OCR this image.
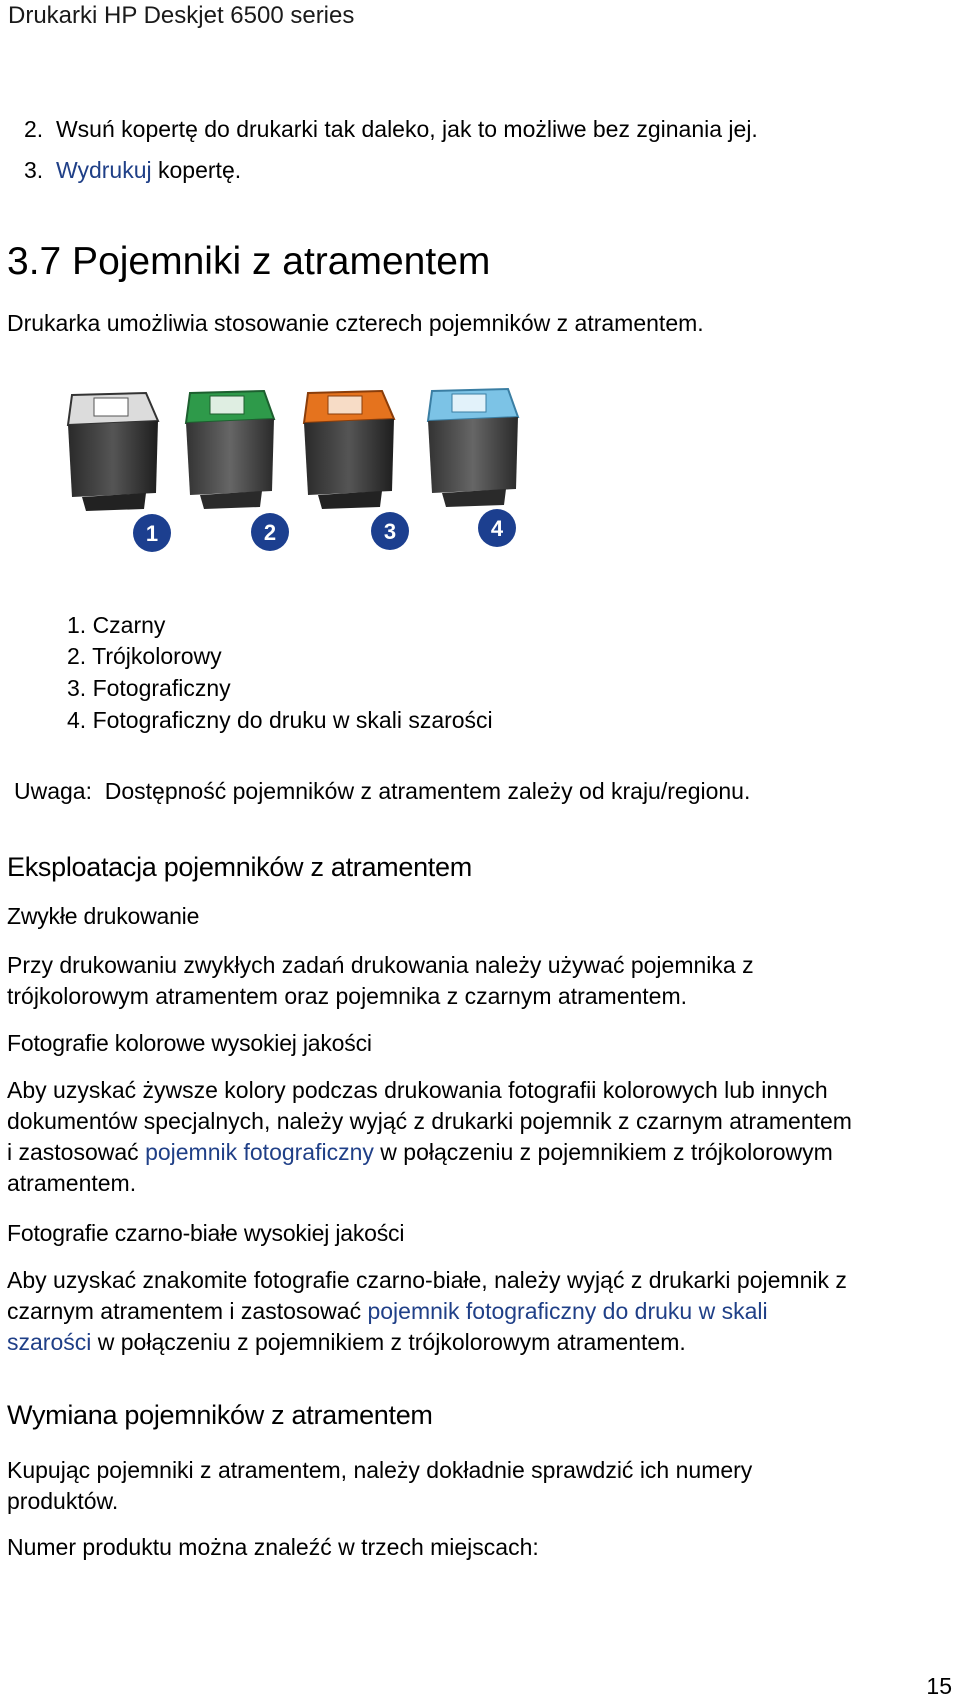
Drukarki HP Deskjet 6500 series
2. Wsuń kopertę do drukarki tak daleko, jak to możliwe bez zginania jej.
3. Wydrukuj kopertę.
3.7 Pojemniki z atramentem
Drukarka umożliwia stosowanie czterech pojemników z atramentem.
1	2	3	4
1. Czarny
2. Trójkolorowy
3. Fotograficzny
4. Fotograficzny do druku w skali szarości
Uwaga: Dostępność pojemników z atramentem zależy od kraju/regionu.
Eksploatacja pojemników z atramentem
Zwykłe drukowanie
Przy drukowaniu zwykłych zadań drukowania należy używać pojemnika z
trójkolorowym atramentem oraz pojemnika z czarnym atramentem.
Fotografie kolorowe wysokiej jakości
Aby uzyskać żywsze kolory podczas drukowania fotografii kolorowych lub innych
dokumentów specjalnych, należy wyjąć z drukarki pojemnik z czarnym atramentem
i zastosować pojemnik fotograficzny w połączeniu z pojemnikiem z trójkolorowym
atramentem.
Fotografie czarno-białe wysokiej jakości
Aby uzyskać znakomite fotografie czarno-białe, należy wyjąć z drukarki pojemnik z
czarnym atramentem i zastosować pojemnik fotograficzny do druku w skali
szarości w połączeniu z pojemnikiem z trójkolorowym atramentem.
Wymiana pojemników z atramentem
Kupując pojemniki z atramentem, należy dokładnie sprawdzić ich numery
produktów.
Numer produktu można znaleźć w trzech miejscach:
15
